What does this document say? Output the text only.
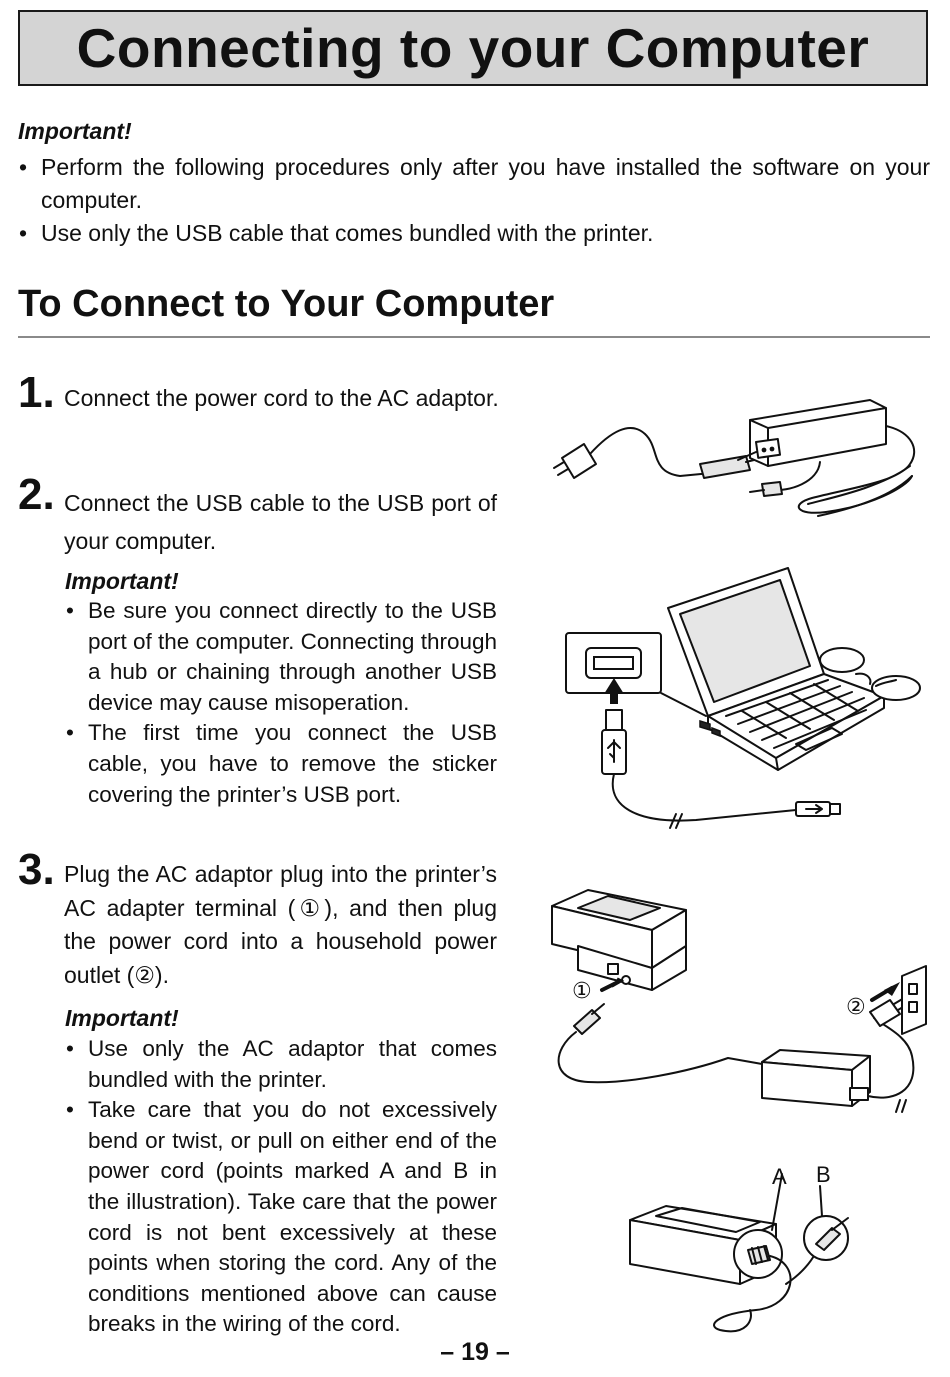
Connecting to your Computer

Important!

• Perform the following procedures only after you have installed the software on your computer.
• Use only the USB cable that comes bundled with the printer.
To Connect to Your Computer
1. Connect the power cord to the AC adaptor.
2. Connect the USB cable to the USB port of your computer.

Important!

• Be sure you connect directly to the USB port of the computer. Connecting through a hub or chaining through another USB device may cause misoperation.
• The first time you connect the USB cable, you have to remove the sticker covering the printer’s USB port.
3. Plug the AC adaptor plug into the printer’s AC adapter terminal (①), and then plug the power cord into a household power outlet (②).

Important!

• Use only the AC adaptor that comes bundled with the printer.
• Take care that you do not excessively bend or twist, or pull on either end of the power cord (points marked A and B in the illustration). Take care that the power cord is not bent excessively at these points when storing the cord. Any of the conditions mentioned above can cause breaks in the wiring of the cord.
①
②
A B
– 19 –
